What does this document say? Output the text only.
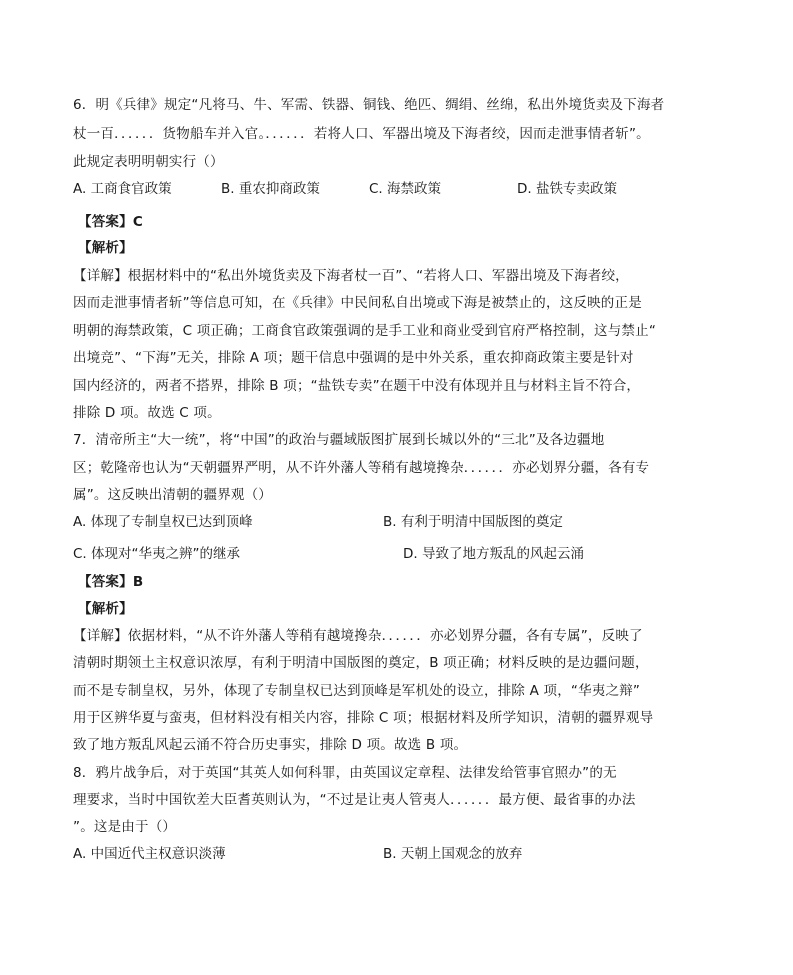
6．明《兵律》规定“凡将马、牛、军需、铁器、铜钱、绝匹、绸绢、丝绵，私出外境货卖及下海者
杖一百．．．．．．货物船车并入官。．．．．．．若将人口、军器出境及下海者绞，因而走泄事情者斩”。
此规定表明明朝实行（）
A. 工商食官政策	B. 重农抑商政策	C. 海禁政策	D. 盐铁专卖政策
【答案】C
【解析】
【详解】根据材料中的“私出外境货卖及下海者杖一百”、“若将人口、军器出境及下海者绞，
因而走泄事情者斩”等信息可知，在《兵律》中民间私自出境或下海是被禁止的，这反映的正是
明朝的海禁政策，C 项正确；工商食官政策强调的是手工业和商业受到官府严格控制，这与禁止“
出境竞”、“下海”无关，排除 A 项；题干信息中强调的是中外关系，重农抑商政策主要是针对
国内经济的，两者不搭界，排除 B 项；“盐铁专卖”在题干中没有体现并且与材料主旨不符合，
排除 D 项。故选 C 项。
7．清帝所主“大一统”，将“中国”的政治与疆域版图扩展到长城以外的“三北”及各边疆地
区；乾隆帝也认为“天朝疆界严明，从不许外藩人等稍有越境搀杂．．．．．．亦必划界分疆，各有专
属”。这反映出清朝的疆界观（）
A. 体现了专制皇权已达到顶峰	B. 有利于明清中国版图的奠定
C. 体现对“华夷之辨”的继承	D. 导致了地方叛乱的风起云涌
【答案】B
【解析】
【详解】依据材料，“从不许外藩人等稍有越境搀杂．．．．．．亦必划界分疆，各有专属”，反映了
清朝时期领土主权意识浓厚，有利于明清中国版图的奠定，B 项正确；材料反映的是边疆问题，
而不是专制皇权，另外，体现了专制皇权已达到顶峰是军机处的设立，排除 A 项，“华夷之辩”
用于区辨华夏与蛮夷，但材料没有相关内容，排除 C 项；根据材料及所学知识，清朝的疆界观导
致了地方叛乱风起云涌不符合历史事实，排除 D 项。故选 B 项。
8．鸦片战争后，对于英国“其英人如何科罪，由英国议定章程、法律发给管事官照办”的无
理要求，当时中国钦差大臣耆英则认为，“不过是让夷人管夷人．．．．．．最方便、最省事的办法
”。这是由于（）
A. 中国近代主权意识淡薄	B. 天朝上国观念的放弃
